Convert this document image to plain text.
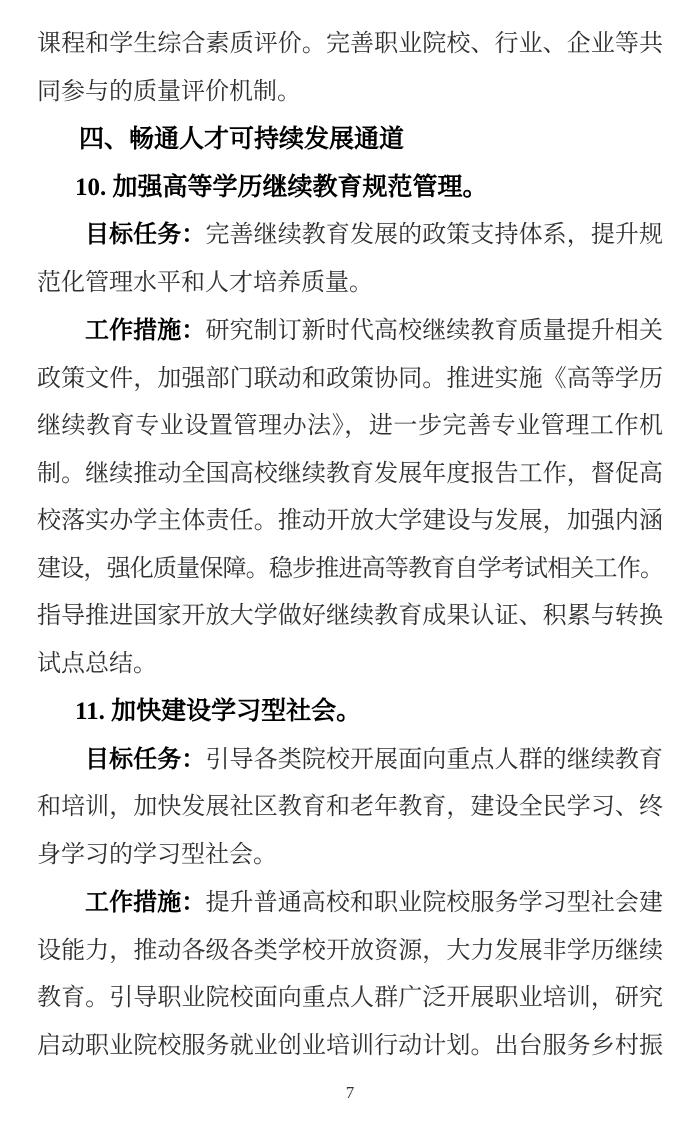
课程和学生综合素质评价。完善职业院校、行业、企业等共
同参与的质量评价机制。
四、畅通人才可持续发展通道
10. 加强高等学历继续教育规范管理。
目标任务：完善继续教育发展的政策支持体系，提升规
范化管理水平和人才培养质量。
工作措施：研究制订新时代高校继续教育质量提升相关
政策文件，加强部门联动和政策协同。推进实施《高等学历
继续教育专业设置管理办法》，进一步完善专业管理工作机
制。继续推动全国高校继续教育发展年度报告工作，督促高
校落实办学主体责任。推动开放大学建设与发展，加强内涵
建设，强化质量保障。稳步推进高等教育自学考试相关工作。
指导推进国家开放大学做好继续教育成果认证、积累与转换
试点总结。
11. 加快建设学习型社会。
目标任务：引导各类院校开展面向重点人群的继续教育
和培训，加快发展社区教育和老年教育，建设全民学习、终
身学习的学习型社会。
工作措施：提升普通高校和职业院校服务学习型社会建
设能力，推动各级各类学校开放资源，大力发展非学历继续
教育。引导职业院校面向重点人群广泛开展职业培训，研究
启动职业院校服务就业创业培训行动计划。出台服务乡村振
7
